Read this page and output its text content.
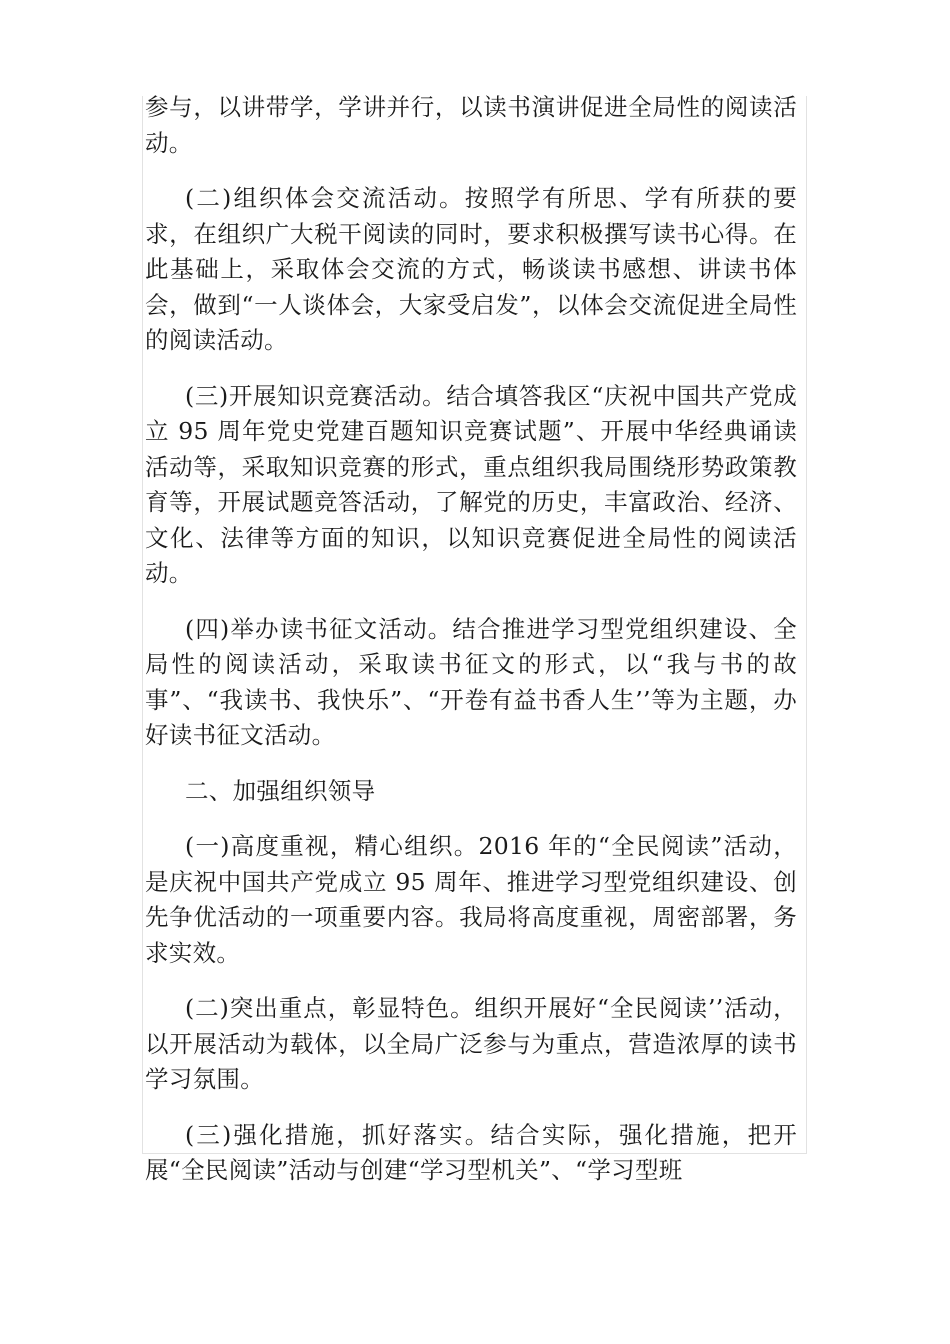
参与，以讲带学，学讲并行，以读书演讲促进全局性的阅读活动。

(二)组织体会交流活动。按照学有所思、学有所获的要求，在组织广大税干阅读的同时，要求积极撰写读书心得。在此基础上，采取体会交流的方式，畅谈读书感想、讲读书体会，做到“一人谈体会，大家受启发”，以体会交流促进全局性的阅读活动。

(三)开展知识竞赛活动。结合填答我区“庆祝中国共产党成立 95 周年党史党建百题知识竞赛试题”、开展中华经典诵读活动等，采取知识竞赛的形式，重点组织我局围绕形势政策教育等，开展试题竞答活动，了解党的历史，丰富政治、经济、文化、法律等方面的知识，以知识竞赛促进全局性的阅读活动。

(四)举办读书征文活动。结合推进学习型党组织建设、全局性的阅读活动，采取读书征文的形式，以“我与书的故事”、“我读书、我快乐”、“开卷有益书香人生’’等为主题，办好读书征文活动。

二、加强组织领导

(一)高度重视，精心组织。2016 年的“全民阅读”活动，是庆祝中国共产党成立 95 周年、推进学习型党组织建设、创先争优活动的一项重要内容。我局将高度重视，周密部署，务求实效。

(二)突出重点，彰显特色。组织开展好“全民阅读’’活动，以开展活动为载体，以全局广泛参与为重点，营造浓厚的读书学习氛围。

(三)强化措施，抓好落实。结合实际，强化措施，把开展“全民阅读”活动与创建“学习型机关”、“学习型班
